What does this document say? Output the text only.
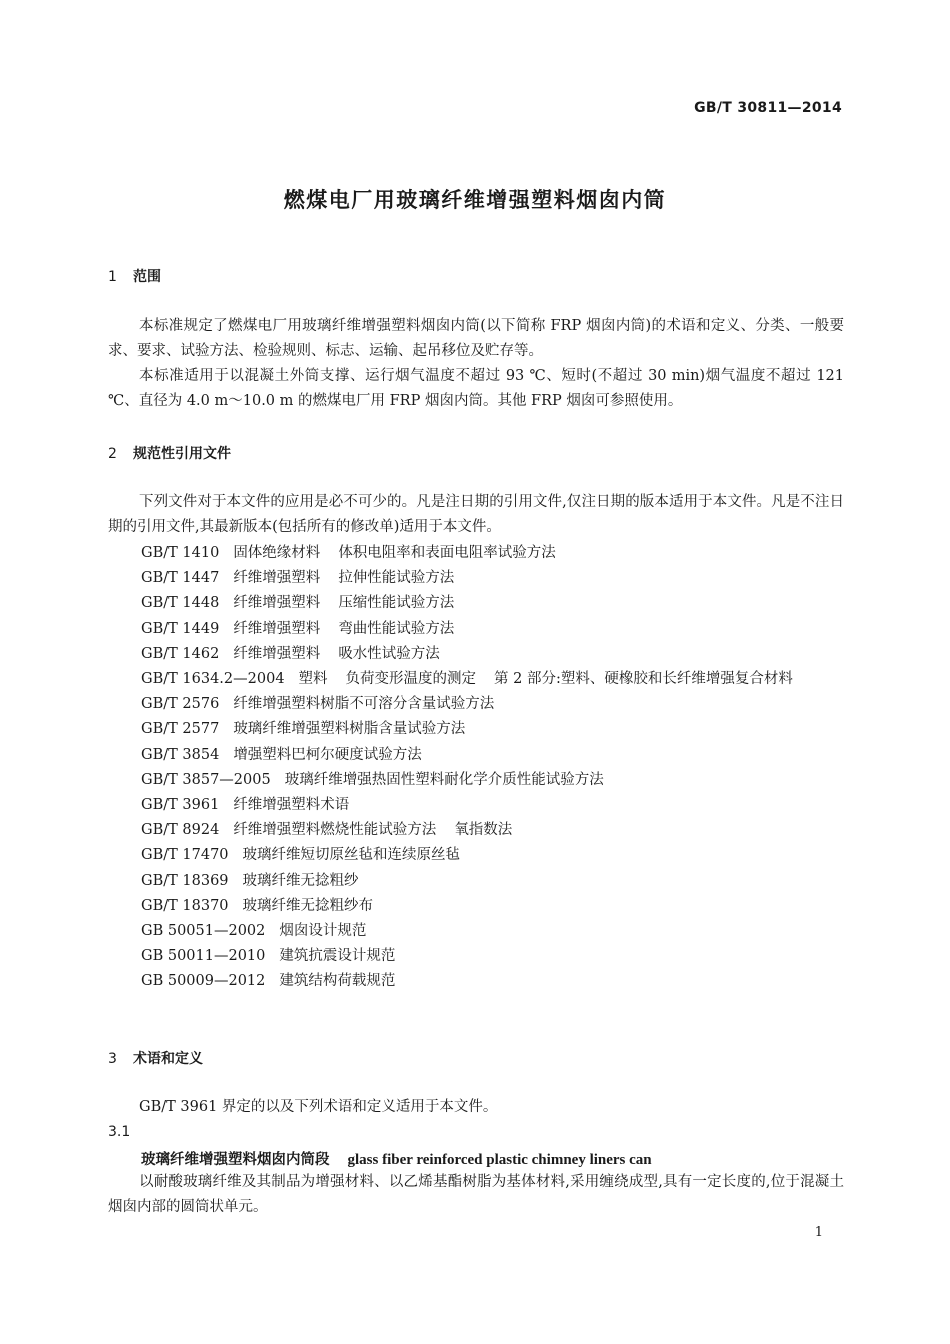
GB/T 30811—2014
燃煤电厂用玻璃纤维增强塑料烟囱内筒
1 范围

本标准规定了燃煤电厂用玻璃纤维增强塑料烟囱内筒(以下简称 FRP 烟囱内筒)的术语和定义、分类、一般要求、要求、试验方法、检验规则、标志、运输、起吊移位及贮存等。

本标准适用于以混凝土外筒支撑、运行烟气温度不超过 93 ℃、短时(不超过 30 min)烟气温度不超过 121 ℃、直径为 4.0 m～10.0 m 的燃煤电厂用 FRP 烟囱内筒。其他 FRP 烟囱可参照使用。

2 规范性引用文件

下列文件对于本文件的应用是必不可少的。凡是注日期的引用文件,仅注日期的版本适用于本文件。凡是不注日期的引用文件,其最新版本(包括所有的修改单)适用于本文件。

GB/T 1410 固体绝缘材料 体积电阻率和表面电阻率试验方法
GB/T 1447 纤维增强塑料 拉伸性能试验方法
GB/T 1448 纤维增强塑料 压缩性能试验方法
GB/T 1449 纤维增强塑料 弯曲性能试验方法
GB/T 1462 纤维增强塑料 吸水性试验方法
GB/T 1634.2—2004 塑料 负荷变形温度的测定 第 2 部分:塑料、硬橡胶和长纤维增强复合材料
GB/T 2576 纤维增强塑料树脂不可溶分含量试验方法
GB/T 2577 玻璃纤维增强塑料树脂含量试验方法
GB/T 3854 增强塑料巴柯尔硬度试验方法
GB/T 3857—2005 玻璃纤维增强热固性塑料耐化学介质性能试验方法
GB/T 3961 纤维增强塑料术语
GB/T 8924 纤维增强塑料燃烧性能试验方法 氧指数法
GB/T 17470 玻璃纤维短切原丝毡和连续原丝毡
GB/T 18369 玻璃纤维无捻粗纱
GB/T 18370 玻璃纤维无捻粗纱布
GB 50051—2002 烟囱设计规范
GB 50011—2010 建筑抗震设计规范
GB 50009—2012 建筑结构荷载规范
3 术语和定义

GB/T 3961 界定的以及下列术语和定义适用于本文件。

3.1
玻璃纤维增强塑料烟囱内筒段 glass fiber reinforced plastic chimney liners can

以耐酸玻璃纤维及其制品为增强材料、以乙烯基酯树脂为基体材料,采用缠绕成型,具有一定长度的,位于混凝土烟囱内部的圆筒状单元。

1
